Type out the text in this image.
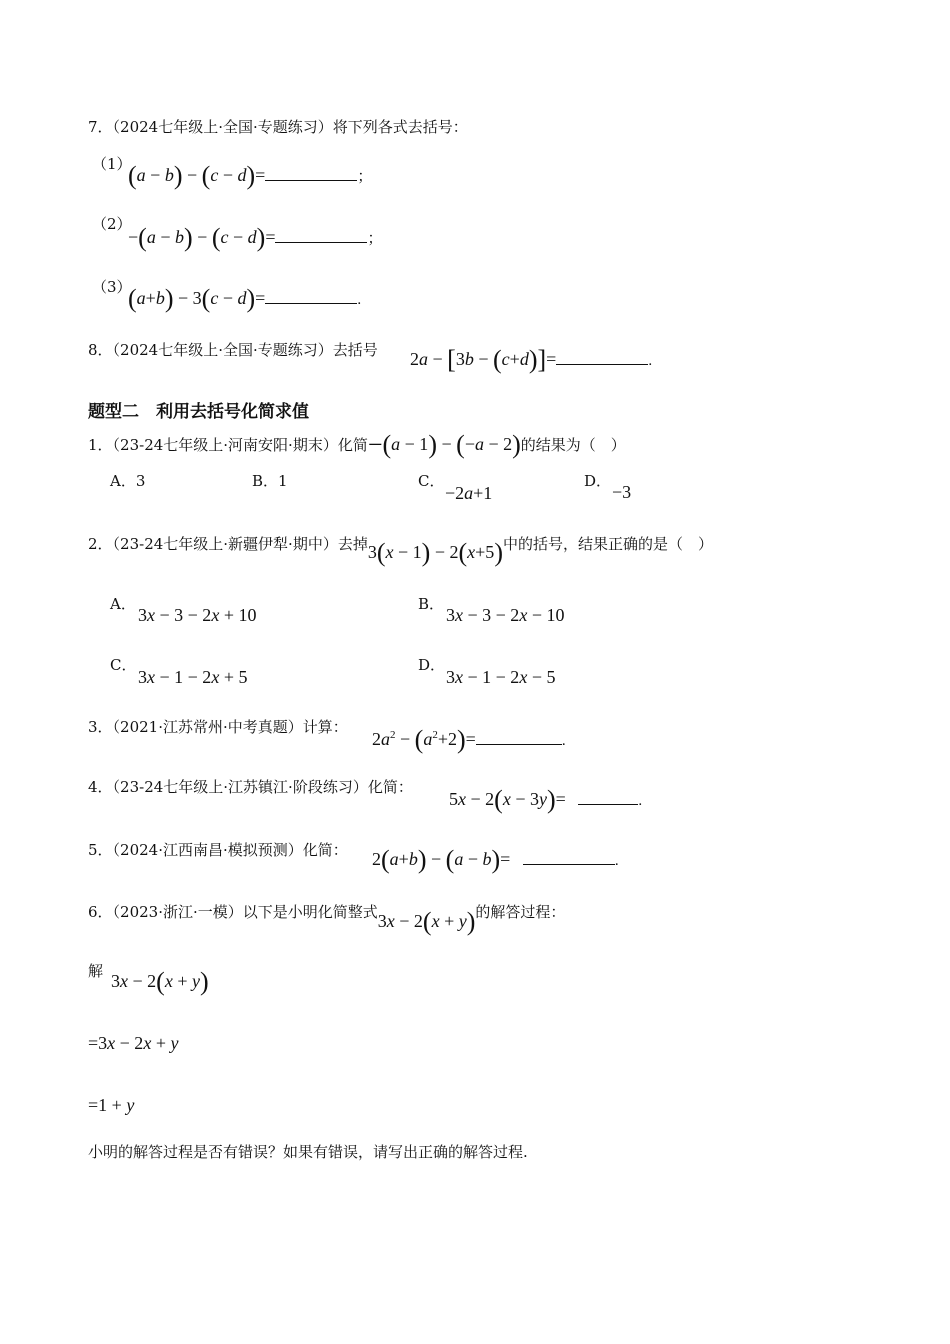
7．（2024七年级上·全国·专题练习）将下列各式去括号：
（1）
(a − b) − (c − d)=	；
（2）
−(a − b) − (c − d)=	；
（3）
(a+b) − 3(c − d)=	.
8．（2024七年级上·全国·专题练习）去括号 2a − [3b − (c+d)]=	.
题型二　利用去括号化简求值
1．（23-24七年级上·河南安阳·期末）化简−(a − 1) − (−a − 2)的结果为（　）
A．3	B．1	C．
−2a+1
D．
−3
2．（23-24七年级上·新疆伊犁·期中）去掉3(x − 1) − 2(x+5)中的括号，结果正确的是（　）
A．
3x − 3 − 2x + 10
B．
3x − 3 − 2x − 10
C．
3x − 1 − 2x + 5
D．
3x − 1 − 2x − 5
3．（2021·江苏常州·中考真题）计算：
$2a^2 - (a^2+2)=$	.
4．（23-24七年级上·江苏镇江·阶段练习）化简：
5x − 2(x − 3y)=	.
5．（2024·江西南昌·模拟预测）化简： 2(a+b) − (a − b)=	.
6．（2023·浙江·一模）以下是小明化简整式3x − 2(x + y)的解答过程：
解 3x − 2(x + y)
=3x − 2x + y
=1 + y
小明的解答过程是否有错误？如果有错误，请写出正确的解答过程.
